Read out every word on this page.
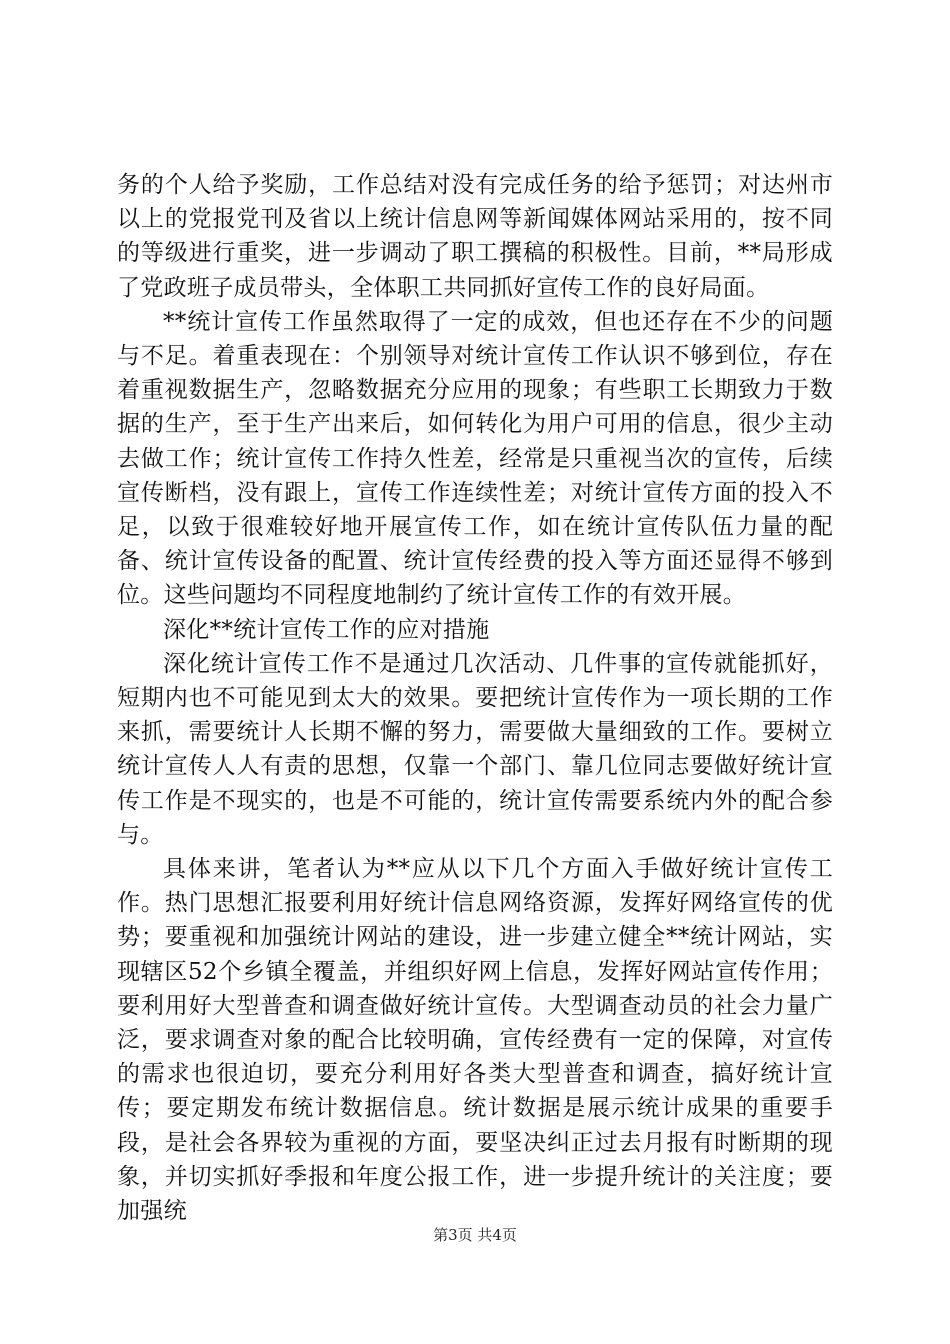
务的个人给予奖励，工作总结对没有完成任务的给予惩罚；对达州市以上的党报党刊及省以上统计信息网等新闻媒体网站采用的，按不同的等级进行重奖，进一步调动了职工撰稿的积极性。目前，**局形成了党政班子成员带头，全体职工共同抓好宣传工作的良好局面。

**统计宣传工作虽然取得了一定的成效，但也还存在不少的问题与不足。着重表现在：个别领导对统计宣传工作认识不够到位，存在着重视数据生产，忽略数据充分应用的现象；有些职工长期致力于数据的生产，至于生产出来后，如何转化为用户可用的信息，很少主动去做工作；统计宣传工作持久性差，经常是只重视当次的宣传，后续宣传断档，没有跟上，宣传工作连续性差；对统计宣传方面的投入不足，以致于很难较好地开展宣传工作，如在统计宣传队伍力量的配备、统计宣传设备的配置、统计宣传经费的投入等方面还显得不够到位。这些问题均不同程度地制约了统计宣传工作的有效开展。

深化**统计宣传工作的应对措施

深化统计宣传工作不是通过几次活动、几件事的宣传就能抓好，短期内也不可能见到太大的效果。要把统计宣传作为一项长期的工作来抓，需要统计人长期不懈的努力，需要做大量细致的工作。要树立统计宣传人人有责的思想，仅靠一个部门、靠几位同志要做好统计宣传工作是不现实的，也是不可能的，统计宣传需要系统内外的配合参与。

具体来讲，笔者认为**应从以下几个方面入手做好统计宣传工作。热门思想汇报要利用好统计信息网络资源，发挥好网络宣传的优势；要重视和加强统计网站的建设，进一步建立健全**统计网站，实现辖区52个乡镇全覆盖，并组织好网上信息，发挥好网站宣传作用；要利用好大型普查和调查做好统计宣传。大型调查动员的社会力量广泛，要求调查对象的配合比较明确，宣传经费有一定的保障，对宣传的需求也很迫切，要充分利用好各类大型普查和调查，搞好统计宣传；要定期发布统计数据信息。统计数据是展示统计成果的重要手段，是社会各界较为重视的方面，要坚决纠正过去月报有时断期的现象，并切实抓好季报和年度公报工作，进一步提升统计的关注度；要加强统

第3页 共4页
